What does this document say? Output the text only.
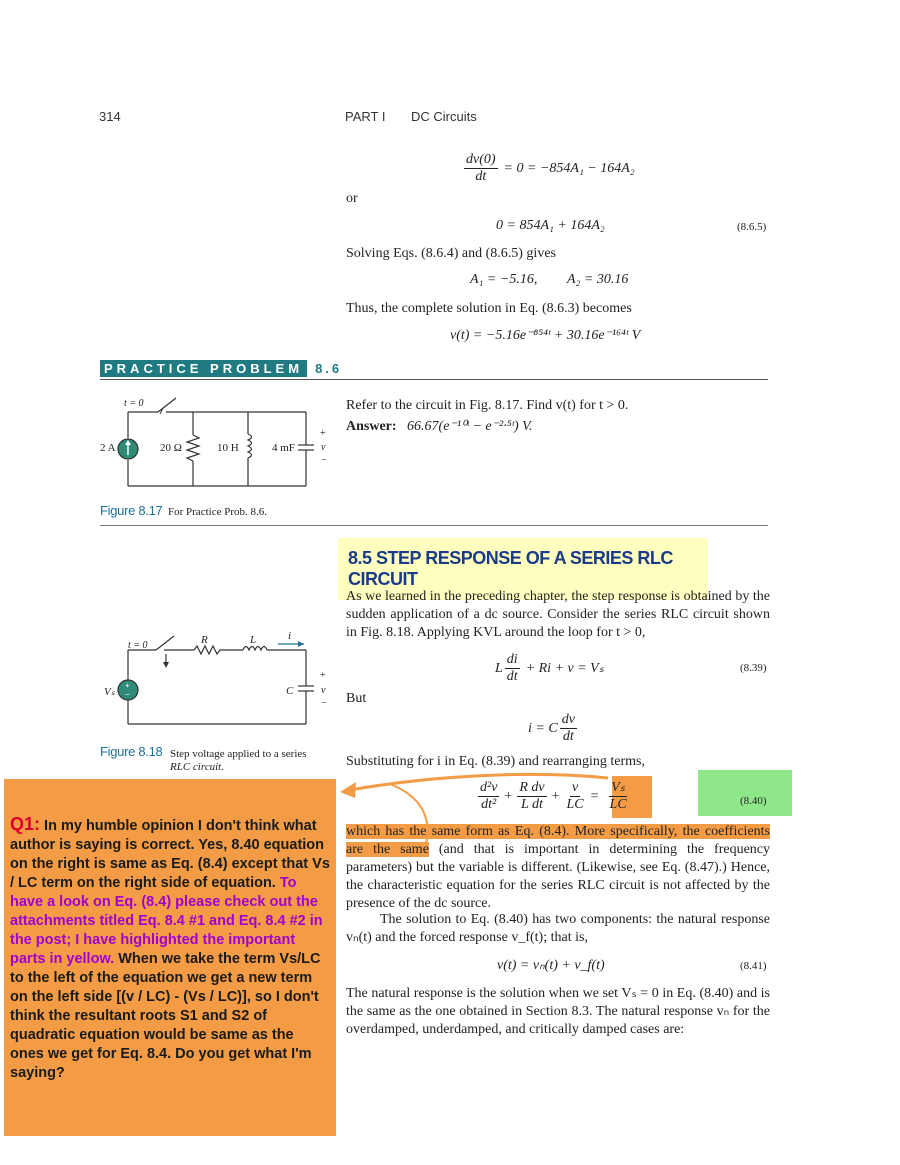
314	PART I DC Circuits
$\frac{dv(0)}{dt} = 0 = -854A_1 - 164A_2$
or
0 = 854A₁ + 164A₂	(8.6.5)
Solving Eqs. (8.6.4) and (8.6.5) gives
A₁ = −5.16, A₂ = 30.16
Thus, the complete solution in Eq. (8.6.3) becomes
v(t) = −5.16e⁻⁸⁵⁴ᵗ + 30.16e⁻¹⁶⁴ᵗ V
PRACTICE PROBLEM 8.6
Refer to the circuit in Fig. 8.17. Find v(t) for t > 0.
Answer: 66.67(e⁻¹⁰ᵗ − e⁻²·⁵ᵗ) V.
t = 0
2 A	20 Ω	10 H	4 mF
+
v
−
Figure 8.17 For Practice Prob. 8.6.
8.5 STEP RESPONSE OF A SERIES RLC CIRCUIT
As we learned in the preceding chapter, the step response is obtained by the sudden application of a dc source. Consider the series RLC circuit shown in Fig. 8.18. Applying KVL around the loop for t > 0,
L $\frac{di}{dt} + Ri + v = V_s$	(8.39)
But
i = C $\frac{dv}{dt}$
Substituting for i in Eq. (8.39) and rearranging terms,
$\frac{\text{d²v}}{\text{dt²}} + \frac{\text{R dv}}{\text{L dt}} + \frac{v}{LC} = \frac{\text{Vₛ}}{LC}$	(8.40)
which has the same form as Eq. (8.4). More specifically, the coefficients are the same (and that is important in determining the frequency parameters) but the variable is different. (Likewise, see Eq. (8.47).) Hence, the characteristic equation for the series RLC circuit is not affected by the presence of the dc source.
The solution to Eq. (8.40) has two components: the natural response vₙ(t) and the forced response v_f(t); that is,
v(t) = vₙ(t) + v_f(t)	(8.41)
The natural response is the solution when we set Vₛ = 0 in Eq. (8.40) and is the same as the one obtained in Section 8.3. The natural response vₙ for the overdamped, underdamped, and critically damped cases are:
+
−
t = 0	R	L	i
Vₛ	C
+
v
−
Figure 8.18 Step voltage applied to a series
RLC circuit.
Q1: In my humble opinion I don't think what author is saying is correct. Yes, 8.40 equation on the right is same as Eq. (8.4) except that Vs / LC term on the right side of equation. To have a look on Eq. (8.4) please check out the attachments titled Eq. 8.4 #1 and Eq. 8.4 #2 in the post; I have highlighted the important parts in yellow. When we take the term Vs/LC to the left of the equation we get a new term on the left side [(v / LC) - (Vs / LC)], so I don't think the resultant roots S1 and S2 of quadratic equation would be same as the ones we get for Eq. 8.4. Do you get what I'm saying?
